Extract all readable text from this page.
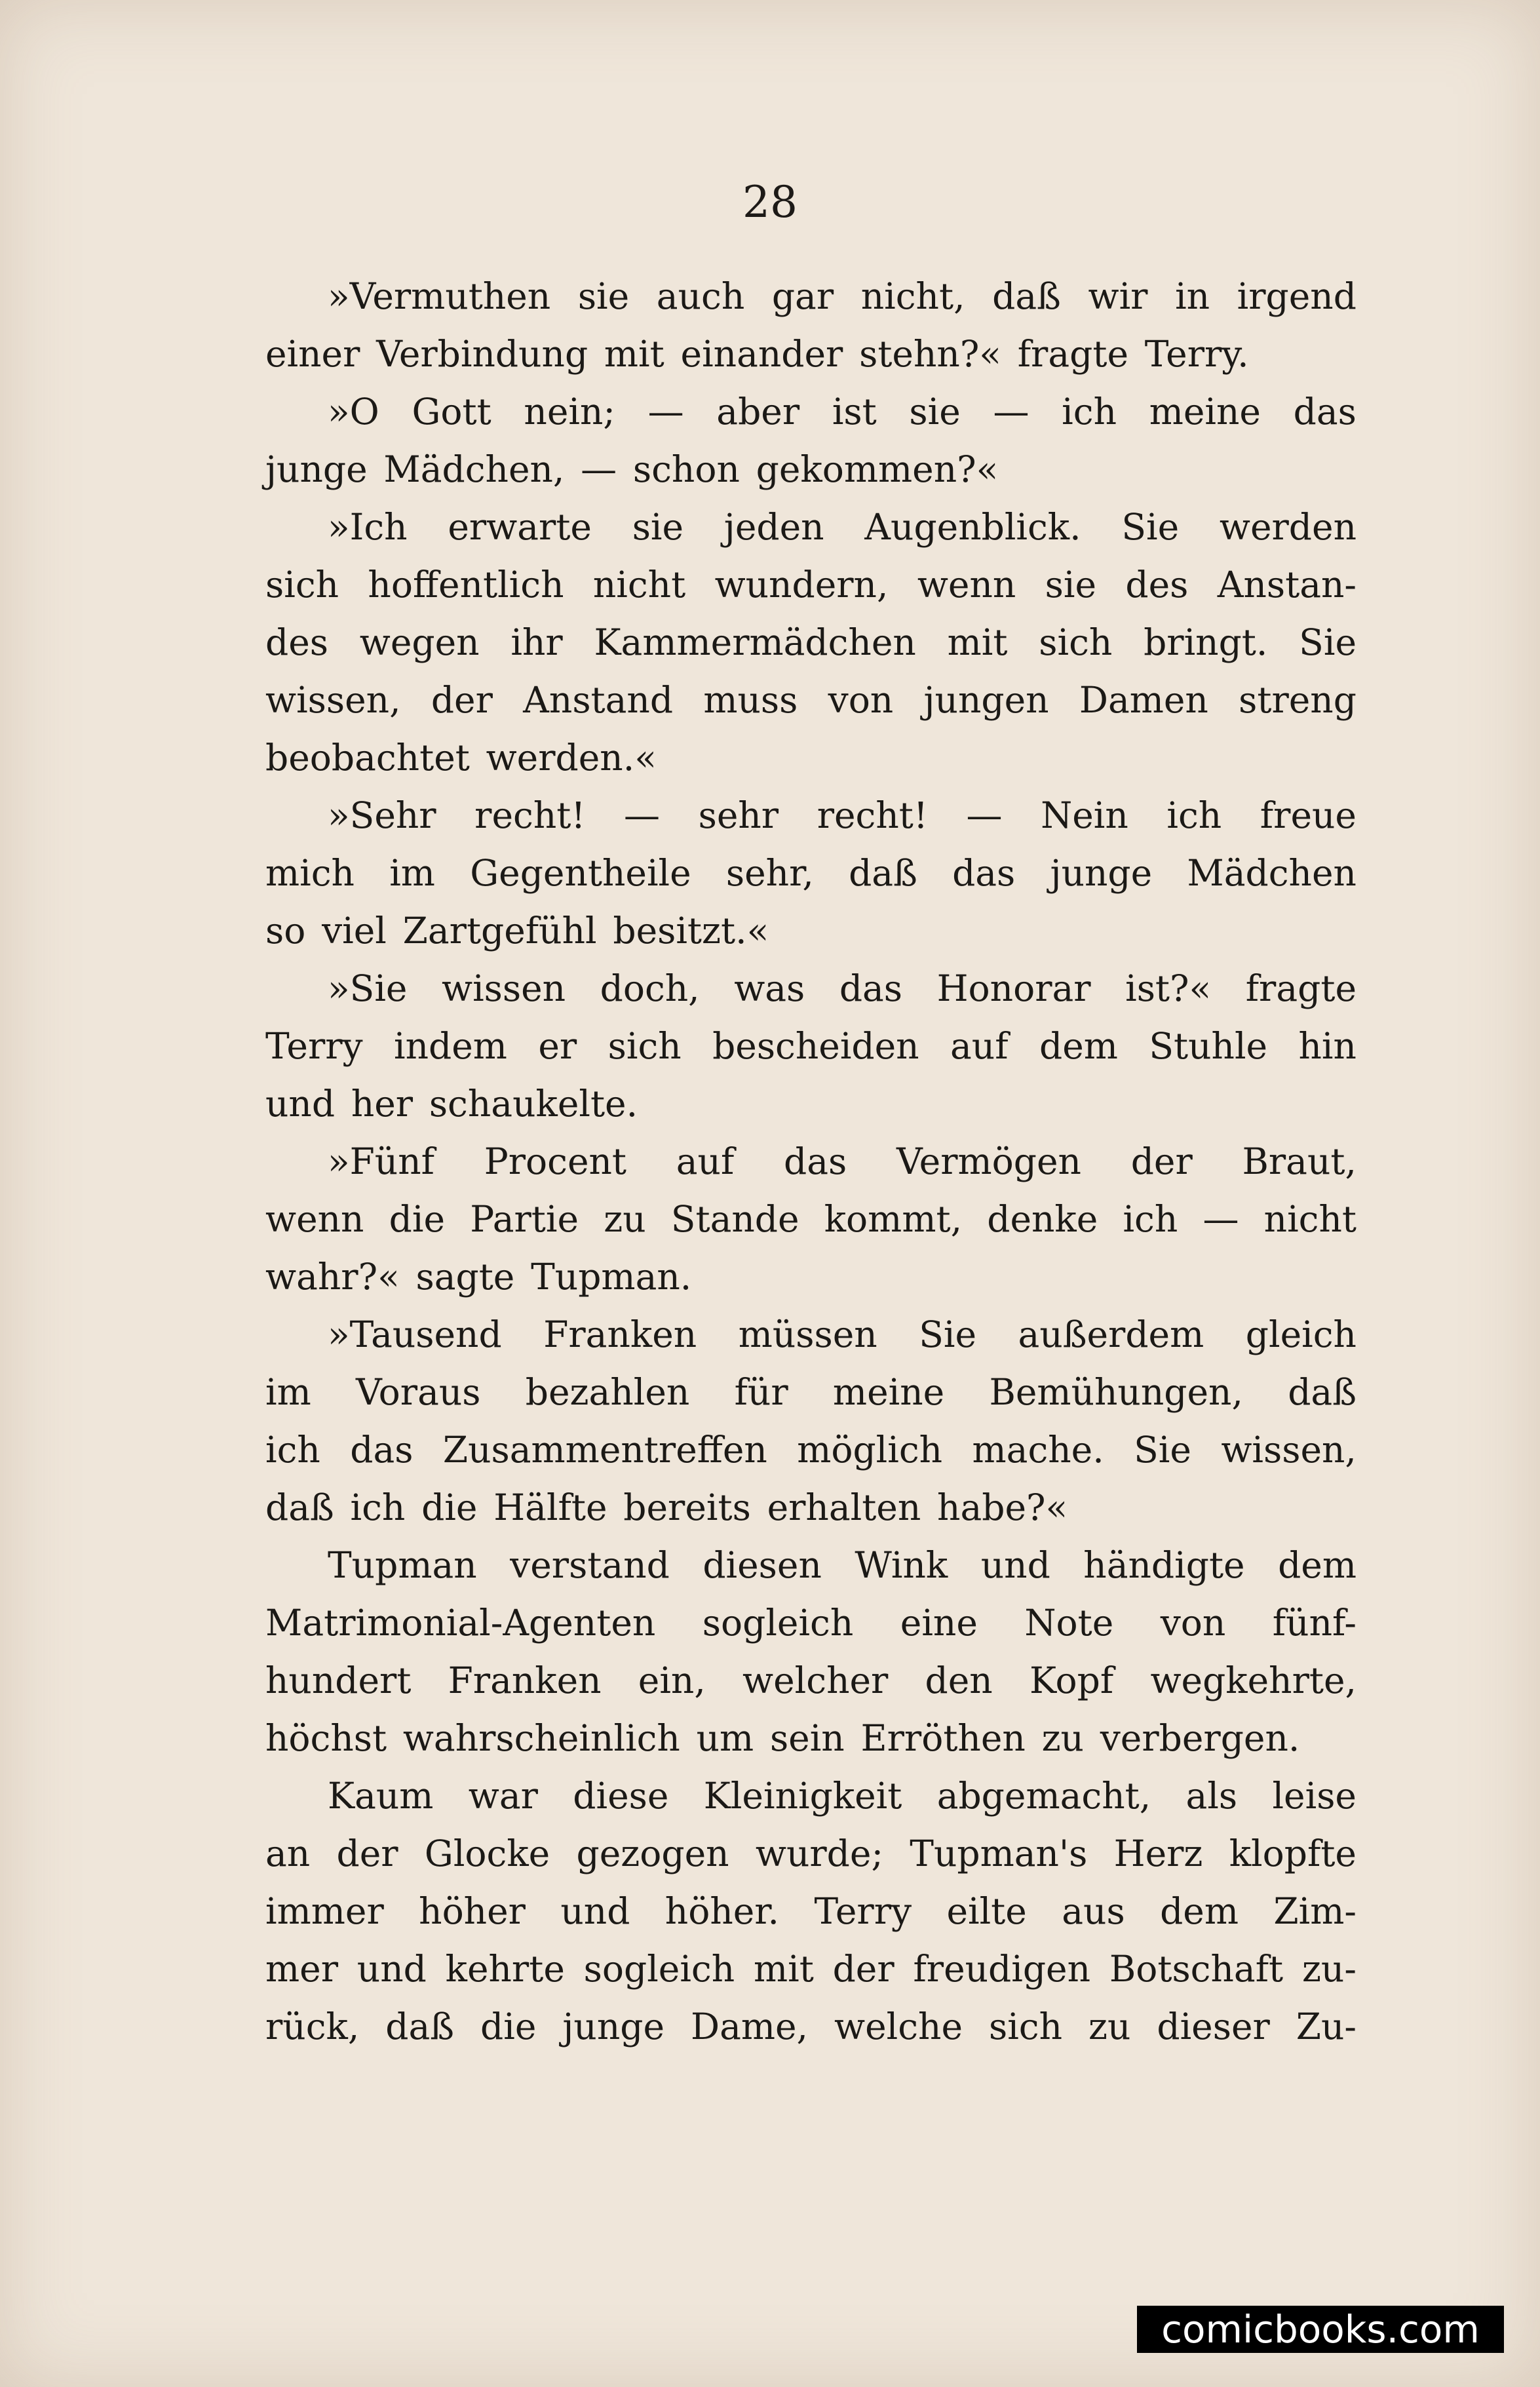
28
»Vermuthen sie auch gar nicht, daß wir in irgend
einer Verbindung mit einander stehn?« fragte Terry.
»O Gott nein; — aber ist sie — ich meine das
junge Mädchen, — schon gekommen?«
»Ich erwarte sie jeden Augenblick. Sie werden
sich hoffentlich nicht wundern, wenn sie des Anstan-
des wegen ihr Kammermädchen mit sich bringt. Sie
wissen, der Anstand muss von jungen Damen streng
beobachtet werden.«
»Sehr recht! — sehr recht! — Nein ich freue
mich im Gegentheile sehr, daß das junge Mädchen
so viel Zartgefühl besitzt.«
»Sie wissen doch, was das Honorar ist?« fragte
Terry indem er sich bescheiden auf dem Stuhle hin
und her schaukelte.
»Fünf Procent auf das Vermögen der Braut,
wenn die Partie zu Stande kommt, denke ich — nicht
wahr?« sagte Tupman.
»Tausend Franken müssen Sie außerdem gleich
im Voraus bezahlen für meine Bemühungen, daß
ich das Zusammentreffen möglich mache. Sie wissen,
daß ich die Hälfte bereits erhalten habe?«
Tupman verstand diesen Wink und händigte dem
Matrimonial-Agenten sogleich eine Note von fünf-
hundert Franken ein, welcher den Kopf wegkehrte,
höchst wahrscheinlich um sein Erröthen zu verbergen.
Kaum war diese Kleinigkeit abgemacht, als leise
an der Glocke gezogen wurde; Tupman's Herz klopfte
immer höher und höher. Terry eilte aus dem Zim-
mer und kehrte sogleich mit der freudigen Botschaft zu-
rück, daß die junge Dame, welche sich zu dieser Zu-
comicbooks.com
